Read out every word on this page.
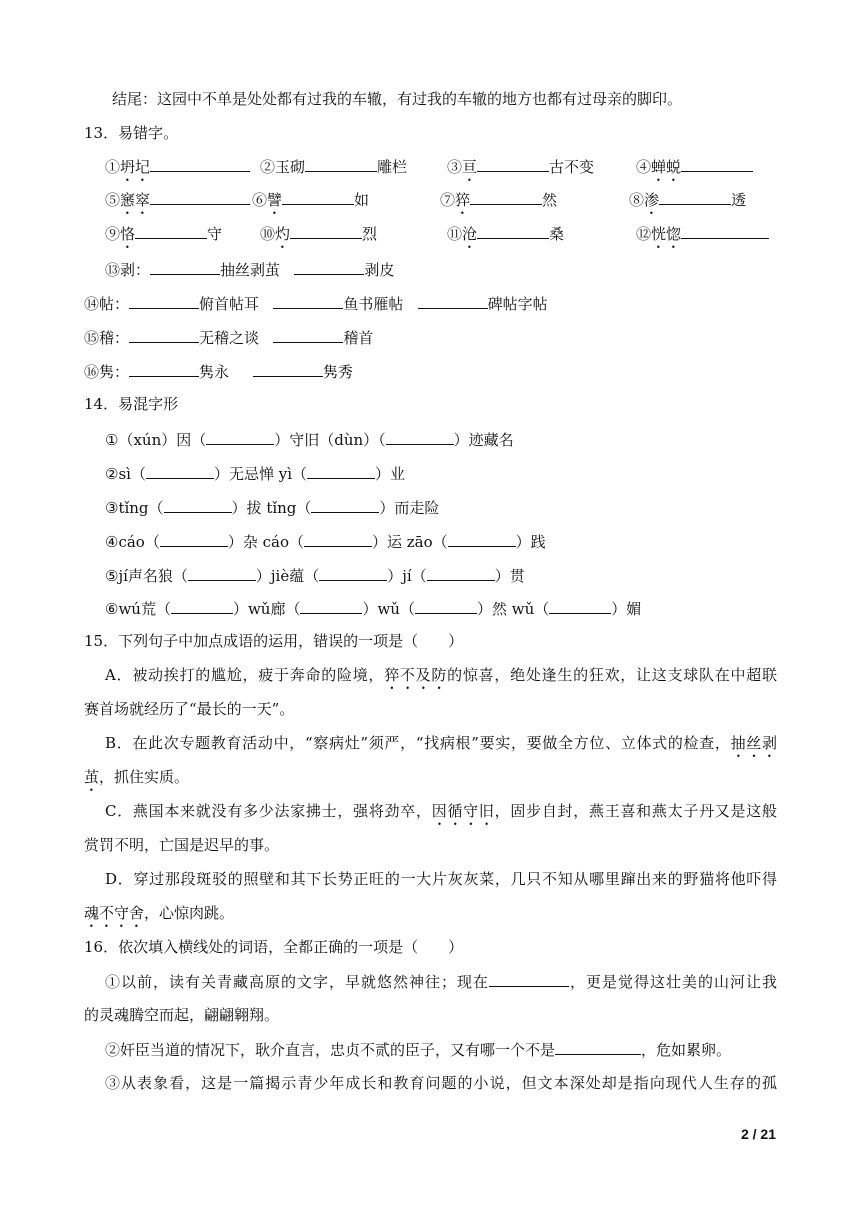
结尾：这园中不单是处处都有过我的车辙，有过我的车辙的地方也都有过母亲的脚印。
13．易错字。
①坍圮	②玉砌	雕栏	③亘	古不变	④蝉蜕
⑤窸窣	⑥譬	如	⑦猝	然	⑧渗	透
⑨恪	守	⑩灼	烈	⑪沧	桑	⑫恍惚
⑬剥：	抽丝剥茧	剥皮
⑭帖：	俯首帖耳	鱼书雁帖	碑帖字帖
⑮稽：	无稽之谈	稽首
⑯隽：	隽永	隽秀
14．易混字形
①（xún）因（	）守旧（dùn）（	）迹藏名
②sì（	）无忌惮 yì（	）业
③tǐng（	）拔 tǐng（	）而走险
④cáo（	）杂 cáo（	）运 zāo（	）践
⑤jí声名狼（	）jiè蕴（	）jí（	）贯
⑥wú荒（	）wǔ廊（	）wǔ（	）然 wǔ（	）媚
15．下列句子中加点成语的运用，错误的一项是（　　）
A．被动挨打的尴尬，疲于奔命的险境，猝不及防的惊喜，绝处逢生的狂欢，让这支球队在中超联
赛首场就经历了“最长的一天”。
B．在此次专题教育活动中，“察病灶”须严，“找病根”要实，要做全方位、立体式的检查，抽丝剥
茧，抓住实质。
C．燕国本来就没有多少法家拂士，强将劲卒，因循守旧，固步自封，燕王喜和燕太子丹又是这般
赏罚不明，亡国是迟早的事。
D．穿过那段斑驳的照壁和其下长势正旺的一大片灰灰菜，几只不知从哪里蹿出来的野猫将他吓得
魂不守舍，心惊肉跳。
16．依次填入横线处的词语，全都正确的一项是（　　）
①以前，读有关青藏高原的文字，早就悠然神往；现在	，更是觉得这壮美的山河让我
的灵魂腾空而起，翩翩翱翔。
②奸臣当道的情况下，耿介直言，忠贞不贰的臣子，又有哪一个不是	，危如累卵。
③从表象看，这是一篇揭示青少年成长和教育问题的小说，但文本深处却是指向现代人生存的孤
2 / 21
